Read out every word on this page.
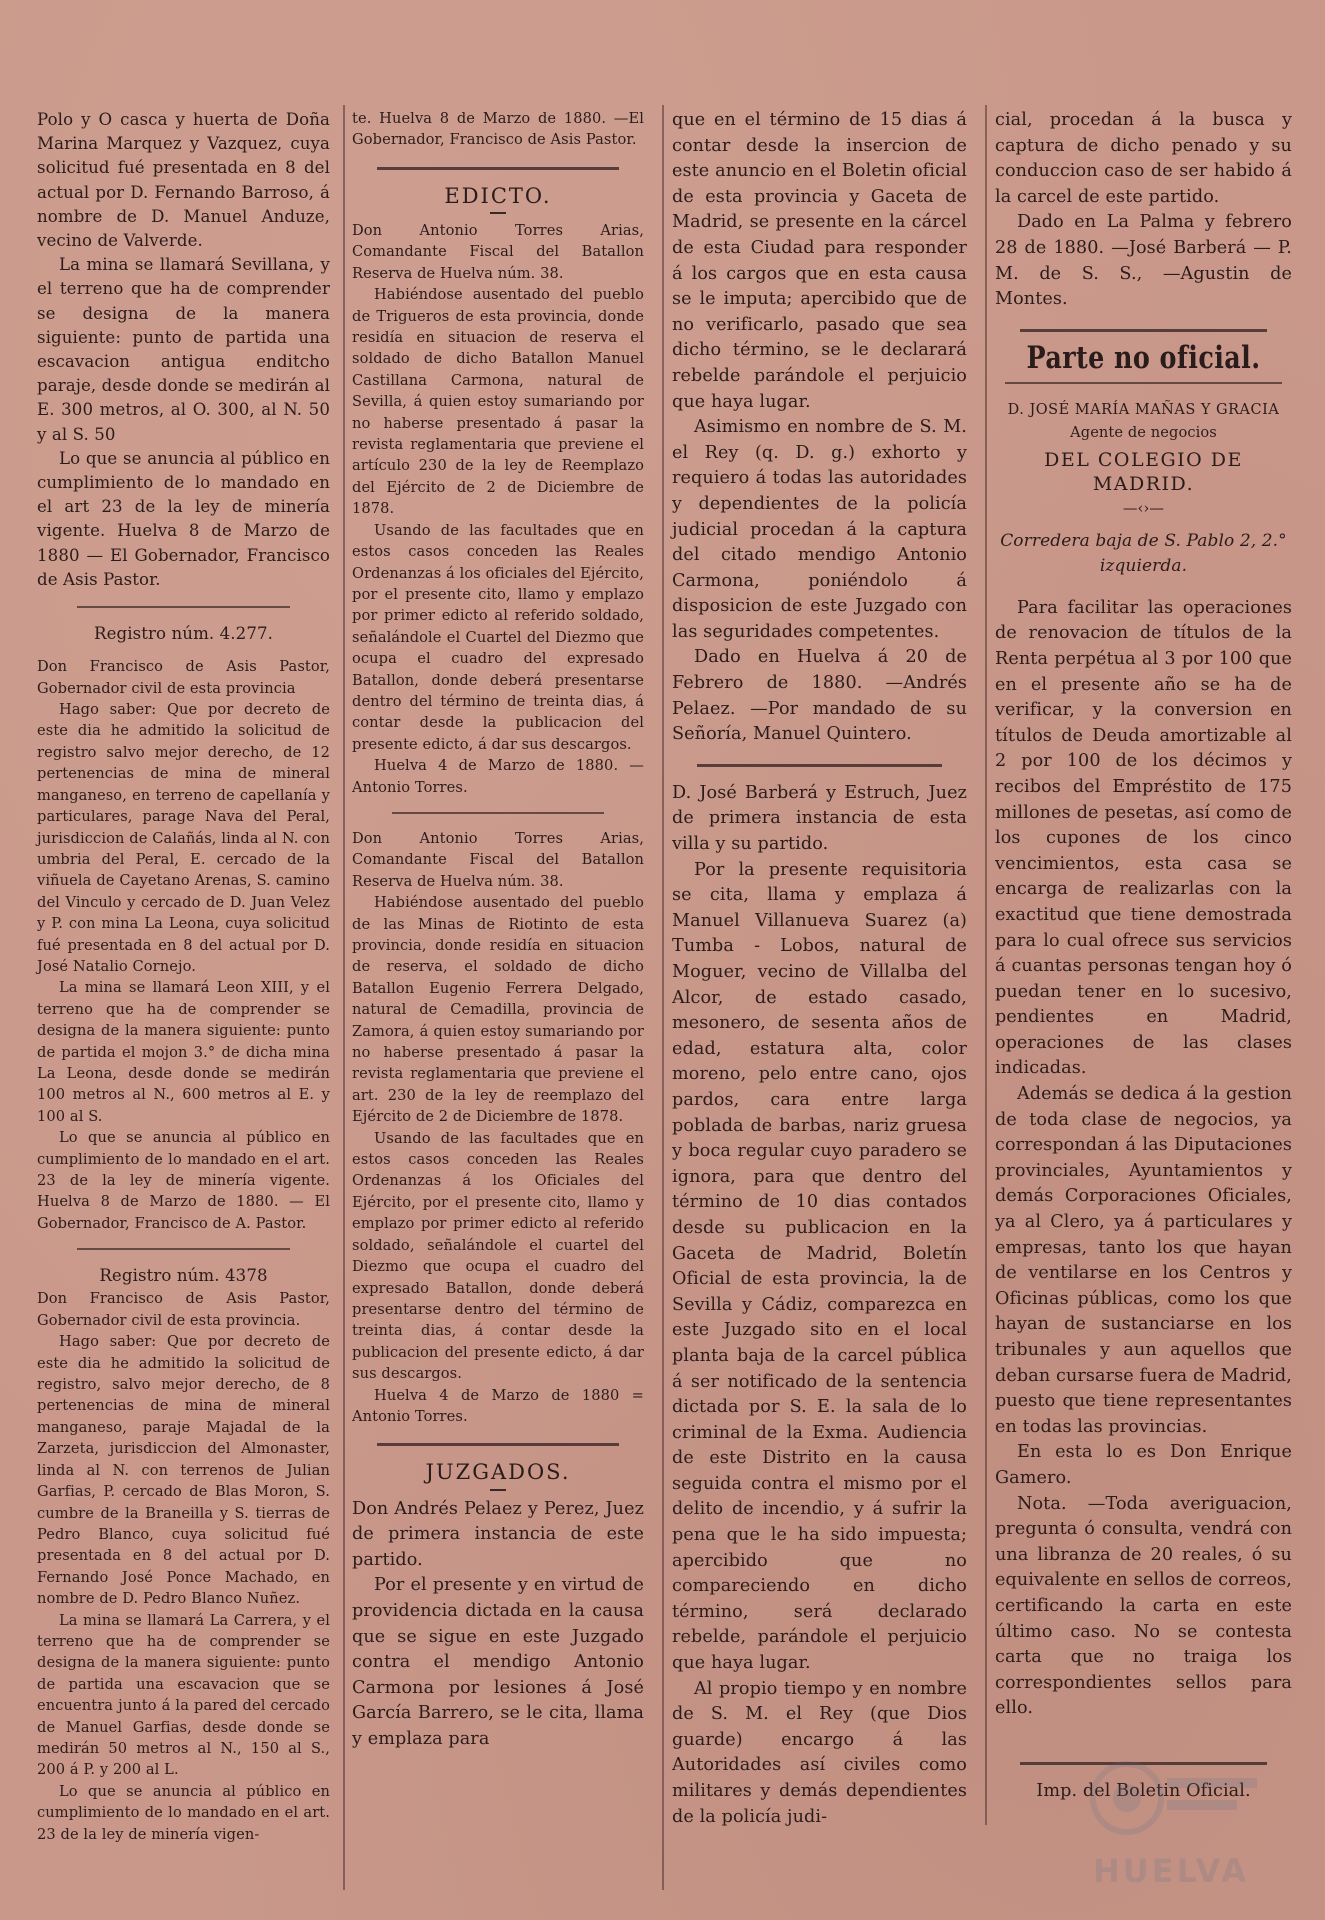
Polo y O casca y huerta de Doña Marina Marquez y Vazquez, cuya solicitud fué presentada en 8 del actual por D. Fernando Barroso, á nombre de D. Manuel Anduze, vecino de Valverde.

La mina se llamará Sevillana, y el terreno que ha de comprender se designa de la manera siguiente: punto de partida una escavacion antigua enditcho paraje, desde donde se medirán al E. 300 metros, al O. 300, al N. 50 y al S. 50

Lo que se anuncia al público en cumplimiento de lo mandado en el art 23 de la ley de minería vigente. Huelva 8 de Marzo de 1880 — El Gobernador, Francisco de Asis Pastor.

Registro núm. 4.277.

Don Francisco de Asis Pastor, Gobernador civil de esta provincia

Hago saber: Que por decreto de este dia he admitido la solicitud de registro salvo mejor derecho, de 12 pertenencias de mina de mineral manganeso, en terreno de capellanía y particulares, parage Nava del Peral, jurisdiccion de Calañás, linda al N. con umbria del Peral, E. cercado de la viñuela de Cayetano Arenas, S. camino del Vinculo y cercado de D. Juan Velez y P. con mina La Leona, cuya solicitud fué presentada en 8 del actual por D. José Natalio Cornejo.

La mina se llamará Leon XIII, y el terreno que ha de comprender se designa de la manera siguiente: punto de partida el mojon 3.° de dicha mina La Leona, desde donde se medirán 100 metros al N., 600 metros al E. y 100 al S.

Lo que se anuncia al público en cumplimiento de lo mandado en el art. 23 de la ley de minería vigente. Huelva 8 de Marzo de 1880. — El Gobernador, Francisco de A. Pastor.

Registro núm. 4378

Don Francisco de Asis Pastor, Gobernador civil de esta provincia.

Hago saber: Que por decreto de este dia he admitido la solicitud de registro, salvo mejor derecho, de 8 pertenencias de mina de mineral manganeso, paraje Majadal de la Zarzeta, jurisdiccion del Almonaster, linda al N. con terrenos de Julian Garfias, P. cercado de Blas Moron, S. cumbre de la Braneilla y S. tierras de Pedro Blanco, cuya solicitud fué presentada en 8 del actual por D. Fernando José Ponce Machado, en nombre de D. Pedro Blanco Nuñez.

La mina se llamará La Carrera, y el terreno que ha de comprender se designa de la manera siguiente: punto de partida una escavacion que se encuentra junto á la pared del cercado de Manuel Garfias, desde donde se medirán 50 metros al N., 150 al S., 200 á P. y 200 al L.

Lo que se anuncia al público en cumplimiento de lo mandado en el art. 23 de la ley de minería vigen-

te. Huelva 8 de Marzo de 1880. —El Gobernador, Francisco de Asis Pastor.

EDICTO.

Don Antonio Torres Arias, Comandante Fiscal del Batallon Reserva de Huelva núm. 38.

Habiéndose ausentado del pueblo de Trigueros de esta provincia, donde residía en situacion de reserva el soldado de dicho Batallon Manuel Castillana Carmona, natural de Sevilla, á quien estoy sumariando por no haberse presentado á pasar la revista reglamentaria que previene el artículo 230 de la ley de Reemplazo del Ejército de 2 de Diciembre de 1878.

Usando de las facultades que en estos casos conceden las Reales Ordenanzas á los oficiales del Ejército, por el presente cito, llamo y emplazo por primer edicto al referido soldado, señalándole el Cuartel del Diezmo que ocupa el cuadro del expresado Batallon, donde deberá presentarse dentro del término de treinta dias, á contar desde la publicacion del presente edicto, á dar sus descargos.

Huelva 4 de Marzo de 1880. — Antonio Torres.

Don Antonio Torres Arias, Comandante Fiscal del Batallon Reserva de Huelva núm. 38.

Habiéndose ausentado del pueblo de las Minas de Riotinto de esta provincia, donde residía en situacion de reserva, el soldado de dicho Batallon Eugenio Ferrera Delgado, natural de Cemadilla, provincia de Zamora, á quien estoy sumariando por no haberse presentado á pasar la revista reglamentaria que previene el art. 230 de la ley de reemplazo del Ejército de 2 de Diciembre de 1878.

Usando de las facultades que en estos casos conceden las Reales Ordenanzas á los Oficiales del Ejército, por el presente cito, llamo y emplazo por primer edicto al referido soldado, señalándole el cuartel del Diezmo que ocupa el cuadro del expresado Batallon, donde deberá presentarse dentro del término de treinta dias, á contar desde la publicacion del presente edicto, á dar sus descargos.

Huelva 4 de Marzo de 1880 = Antonio Torres.

JUZGADOS.

Don Andrés Pelaez y Perez, Juez de primera instancia de este partido.

Por el presente y en virtud de providencia dictada en la causa que se sigue en este Juzgado contra el mendigo Antonio Carmona por lesiones á José García Barrero, se le cita, llama y emplaza para

que en el término de 15 dias á contar desde la insercion de este anuncio en el Boletin oficial de esta provincia y Gaceta de Madrid, se presente en la cárcel de esta Ciudad para responder á los cargos que en esta causa se le imputa; apercibido que de no verificarlo, pasado que sea dicho término, se le declarará rebelde parándole el perjuicio que haya lugar.

Asimismo en nombre de S. M. el Rey (q. D. g.) exhorto y requiero á todas las autoridades y dependientes de la policía judicial procedan á la captura del citado mendigo Antonio Carmona, poniéndolo á disposicion de este Juzgado con las seguridades competentes.

Dado en Huelva á 20 de Febrero de 1880. —Andrés Pelaez. —Por mandado de su Señoría, Manuel Quintero.

D. José Barberá y Estruch, Juez de primera instancia de esta villa y su partido.

Por la presente requisitoria se cita, llama y emplaza á Manuel Villanueva Suarez (a) Tumba - Lobos, natural de Moguer, vecino de Villalba del Alcor, de estado casado, mesonero, de sesenta años de edad, estatura alta, color moreno, pelo entre cano, ojos pardos, cara entre larga poblada de barbas, nariz gruesa y boca regular cuyo paradero se ignora, para que dentro del término de 10 dias contados desde su publicacion en la Gaceta de Madrid, Boletín Oficial de esta provincia, la de Sevilla y Cádiz, comparezca en este Juzgado sito en el local planta baja de la carcel pública á ser notificado de la sentencia dictada por S. E. la sala de lo criminal de la Exma. Audiencia de este Distrito en la causa seguida contra el mismo por el delito de incendio, y á sufrir la pena que le ha sido impuesta; apercibido que no compareciendo en dicho término, será declarado rebelde, parándole el perjuicio que haya lugar.

Al propio tiempo y en nombre de S. M. el Rey (que Dios guarde) encargo á las Autoridades así civiles como militares y demás dependientes de la policía judi-

cial, procedan á la busca y captura de dicho penado y su conduccion caso de ser habido á la carcel de este partido.

Dado en La Palma y febrero 28 de 1880. —José Barberá — P. M. de S. S., —Agustin de Montes.

Parte no oficial.

D. JOSÉ MARÍA MAÑAS Y GRACIA

Agente de negocios

DEL COLEGIO DE MADRID.

—‹›—

Corredera baja de S. Pablo 2, 2.° izquierda.

Para facilitar las operaciones de renovacion de títulos de la Renta perpétua al 3 por 100 que en el presente año se ha de verificar, y la conversion en títulos de Deuda amortizable al 2 por 100 de los décimos y recibos del Empréstito de 175 millones de pesetas, así como de los cupones de los cinco vencimientos, esta casa se encarga de realizarlas con la exactitud que tiene demostrada para lo cual ofrece sus servicios á cuantas personas tengan hoy ó puedan tener en lo sucesivo, pendientes en Madrid, operaciones de las clases indicadas.

Además se dedica á la gestion de toda clase de negocios, ya correspondan á las Diputaciones provinciales, Ayuntamientos y demás Corporaciones Oficiales, ya al Clero, ya á particulares y empresas, tanto los que hayan de ventilarse en los Centros y Oficinas públicas, como los que hayan de sustanciarse en los tribunales y aun aquellos que deban cursarse fuera de Madrid, puesto que tiene representantes en todas las provincias.

En esta lo es Don Enrique Gamero.

Nota. —Toda averiguacion, pregunta ó consulta, vendrá con una libranza de 20 reales, ó su equivalente en sellos de correos, certificando la carta en este último caso. No se contesta carta que no traiga los correspondientes sellos para ello.

Imp. del Boletin Oficial.

HUELVA
